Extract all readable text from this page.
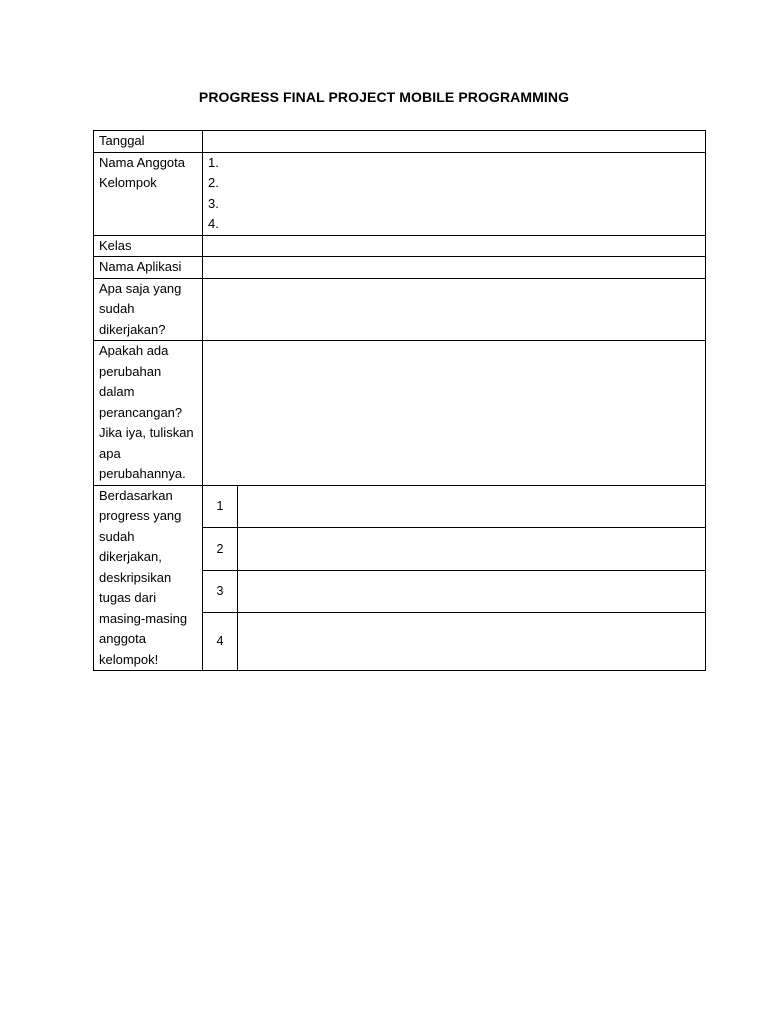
PROGRESS FINAL PROJECT MOBILE PROGRAMMING
Tanggal		

Nama Anggota Kelompok	1.
2.
3.
4.	

Kelas		
Nama Aplikasi		

Apa saja yang sudah dikerjakan?		

Apakah ada perubahan dalam perancangan? Jika iya, tuliskan apa perubahannya.		

Berdasarkan progress yang sudah dikerjakan, deskripsikan tugas dari masing-masing anggota kelompok!	1	
	2	
	3	
	4	
